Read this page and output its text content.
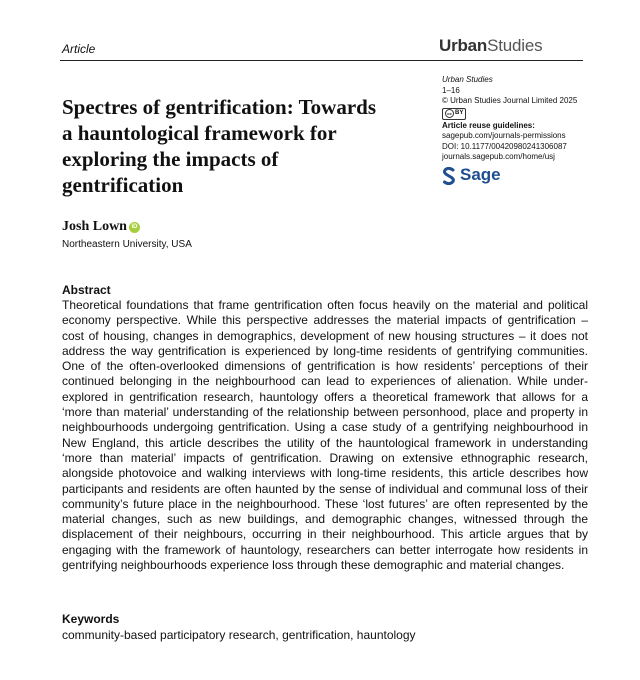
Article	UrbanStudies
Spectres of gentrification: Towards a hauntological framework for exploring the impacts of gentrification
Urban Studies
1–16
© Urban Studies Journal Limited 2025
cc BY
Article reuse guidelines:
sagepub.com/journals-permissions
DOI: 10.1177/00420980241306087
journals.sagepub.com/home/usj
Sage
Josh Lown iD
Northeastern University, USA
Abstract

Theoretical foundations that frame gentrification often focus heavily on the material and political economy perspective. While this perspective addresses the material impacts of gentrification – cost of housing, changes in demographics, development of new housing structures – it does not address the way gentrification is experienced by long-time residents of gentrifying communities. One of the often-overlooked dimensions of gentrification is how residents’ perceptions of their continued belonging in the neighbourhood can lead to experiences of alienation. While under-explored in gentrification research, hauntology offers a theoretical framework that allows for a ‘more than material’ understanding of the relationship between personhood, place and property in neighbourhoods undergoing gentrification. Using a case study of a gentrifying neighbourhood in New England, this article describes the utility of the hauntological framework in understanding ‘more than material’ impacts of gentrification. Drawing on extensive ethnographic research, alongside photovoice and walking interviews with long-time residents, this article describes how participants and residents are often haunted by the sense of individual and communal loss of their community’s future place in the neighbourhood. These ‘lost futures’ are often represented by the material changes, such as new buildings, and demographic changes, witnessed through the displacement of their neighbours, occurring in their neighbourhood. This article argues that by engaging with the framework of hauntology, researchers can better interrogate how residents in gentrifying neighbourhoods experience loss through these demographic and material changes.

Keywords
community-based participatory research, gentrification, hauntology
